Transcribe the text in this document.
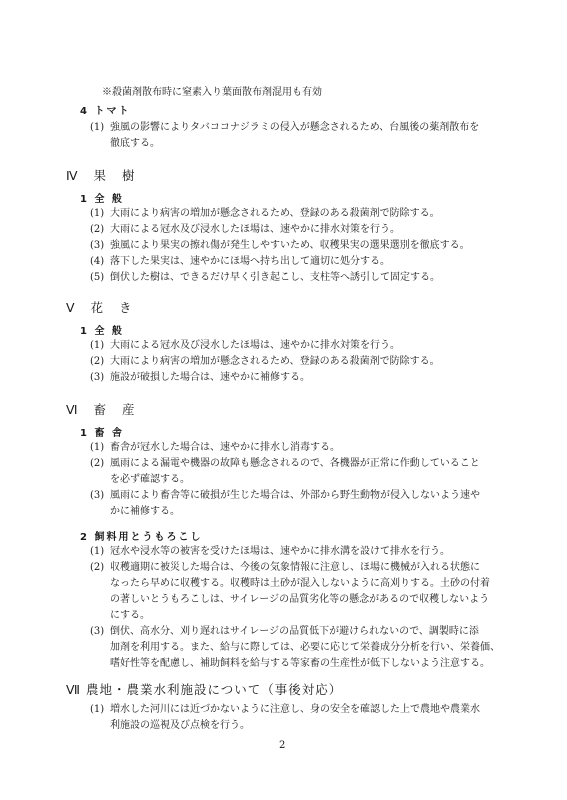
※殺菌剤散布時に窒素入り葉面散布剤混用も有効
4 トマト
(1) 強風の影響によりタバココナジラミの侵入が懸念されるため、台風後の薬剤散布を
徹底する。
Ⅳ 果 樹
1 全 般
(1) 大雨により病害の増加が懸念されるため、登録のある殺菌剤で防除する。
(2) 大雨による冠水及び浸水したほ場は、速やかに排水対策を行う。
(3) 強風により果実の擦れ傷が発生しやすいため、収穫果実の選果選別を徹底する。
(4) 落下した果実は、速やかにほ場へ持ち出して適切に処分する。
(5) 倒伏した樹は、できるだけ早く引き起こし、支柱等へ誘引して固定する。
Ⅴ 花 き
1 全 般
(1) 大雨による冠水及び浸水したほ場は、速やかに排水対策を行う。
(2) 大雨により病害の増加が懸念されるため、登録のある殺菌剤で防除する。
(3) 施設が破損した場合は、速やかに補修する。
Ⅵ 畜 産
1 畜 舎
(1) 畜舎が冠水した場合は、速やかに排水し消毒する。
(2) 風雨による漏電や機器の故障も懸念されるので、各機器が正常に作動していること
を必ず確認する。
(3) 風雨により畜舎等に破損が生じた場合は、外部から野生動物が侵入しないよう速や
かに補修する。
2 飼料用とうもろこし
(1) 冠水や浸水等の被害を受けたほ場は、速やかに排水溝を設けて排水を行う。
(2) 収穫適期に被災した場合は、今後の気象情報に注意し、ほ場に機械が入れる状態に
なったら早めに収穫する。収穫時は土砂が混入しないように高刈りする。土砂の付着
の著しいとうもろこしは、サイレージの品質劣化等の懸念があるので収穫しないよう
にする。
(3) 倒伏、高水分、刈り遅れはサイレージの品質低下が避けられないので、調製時に添
加剤を利用する。また、給与に際しては、必要に応じて栄養成分分析を行い、栄養価、
嗜好性等を配慮し、補助飼料を給与する等家畜の生産性が低下しないよう注意する。
Ⅶ 農地・農業水利施設について（事後対応）
(1) 増水した河川には近づかないように注意し、身の安全を確認した上で農地や農業水
利施設の巡視及び点検を行う。
2
